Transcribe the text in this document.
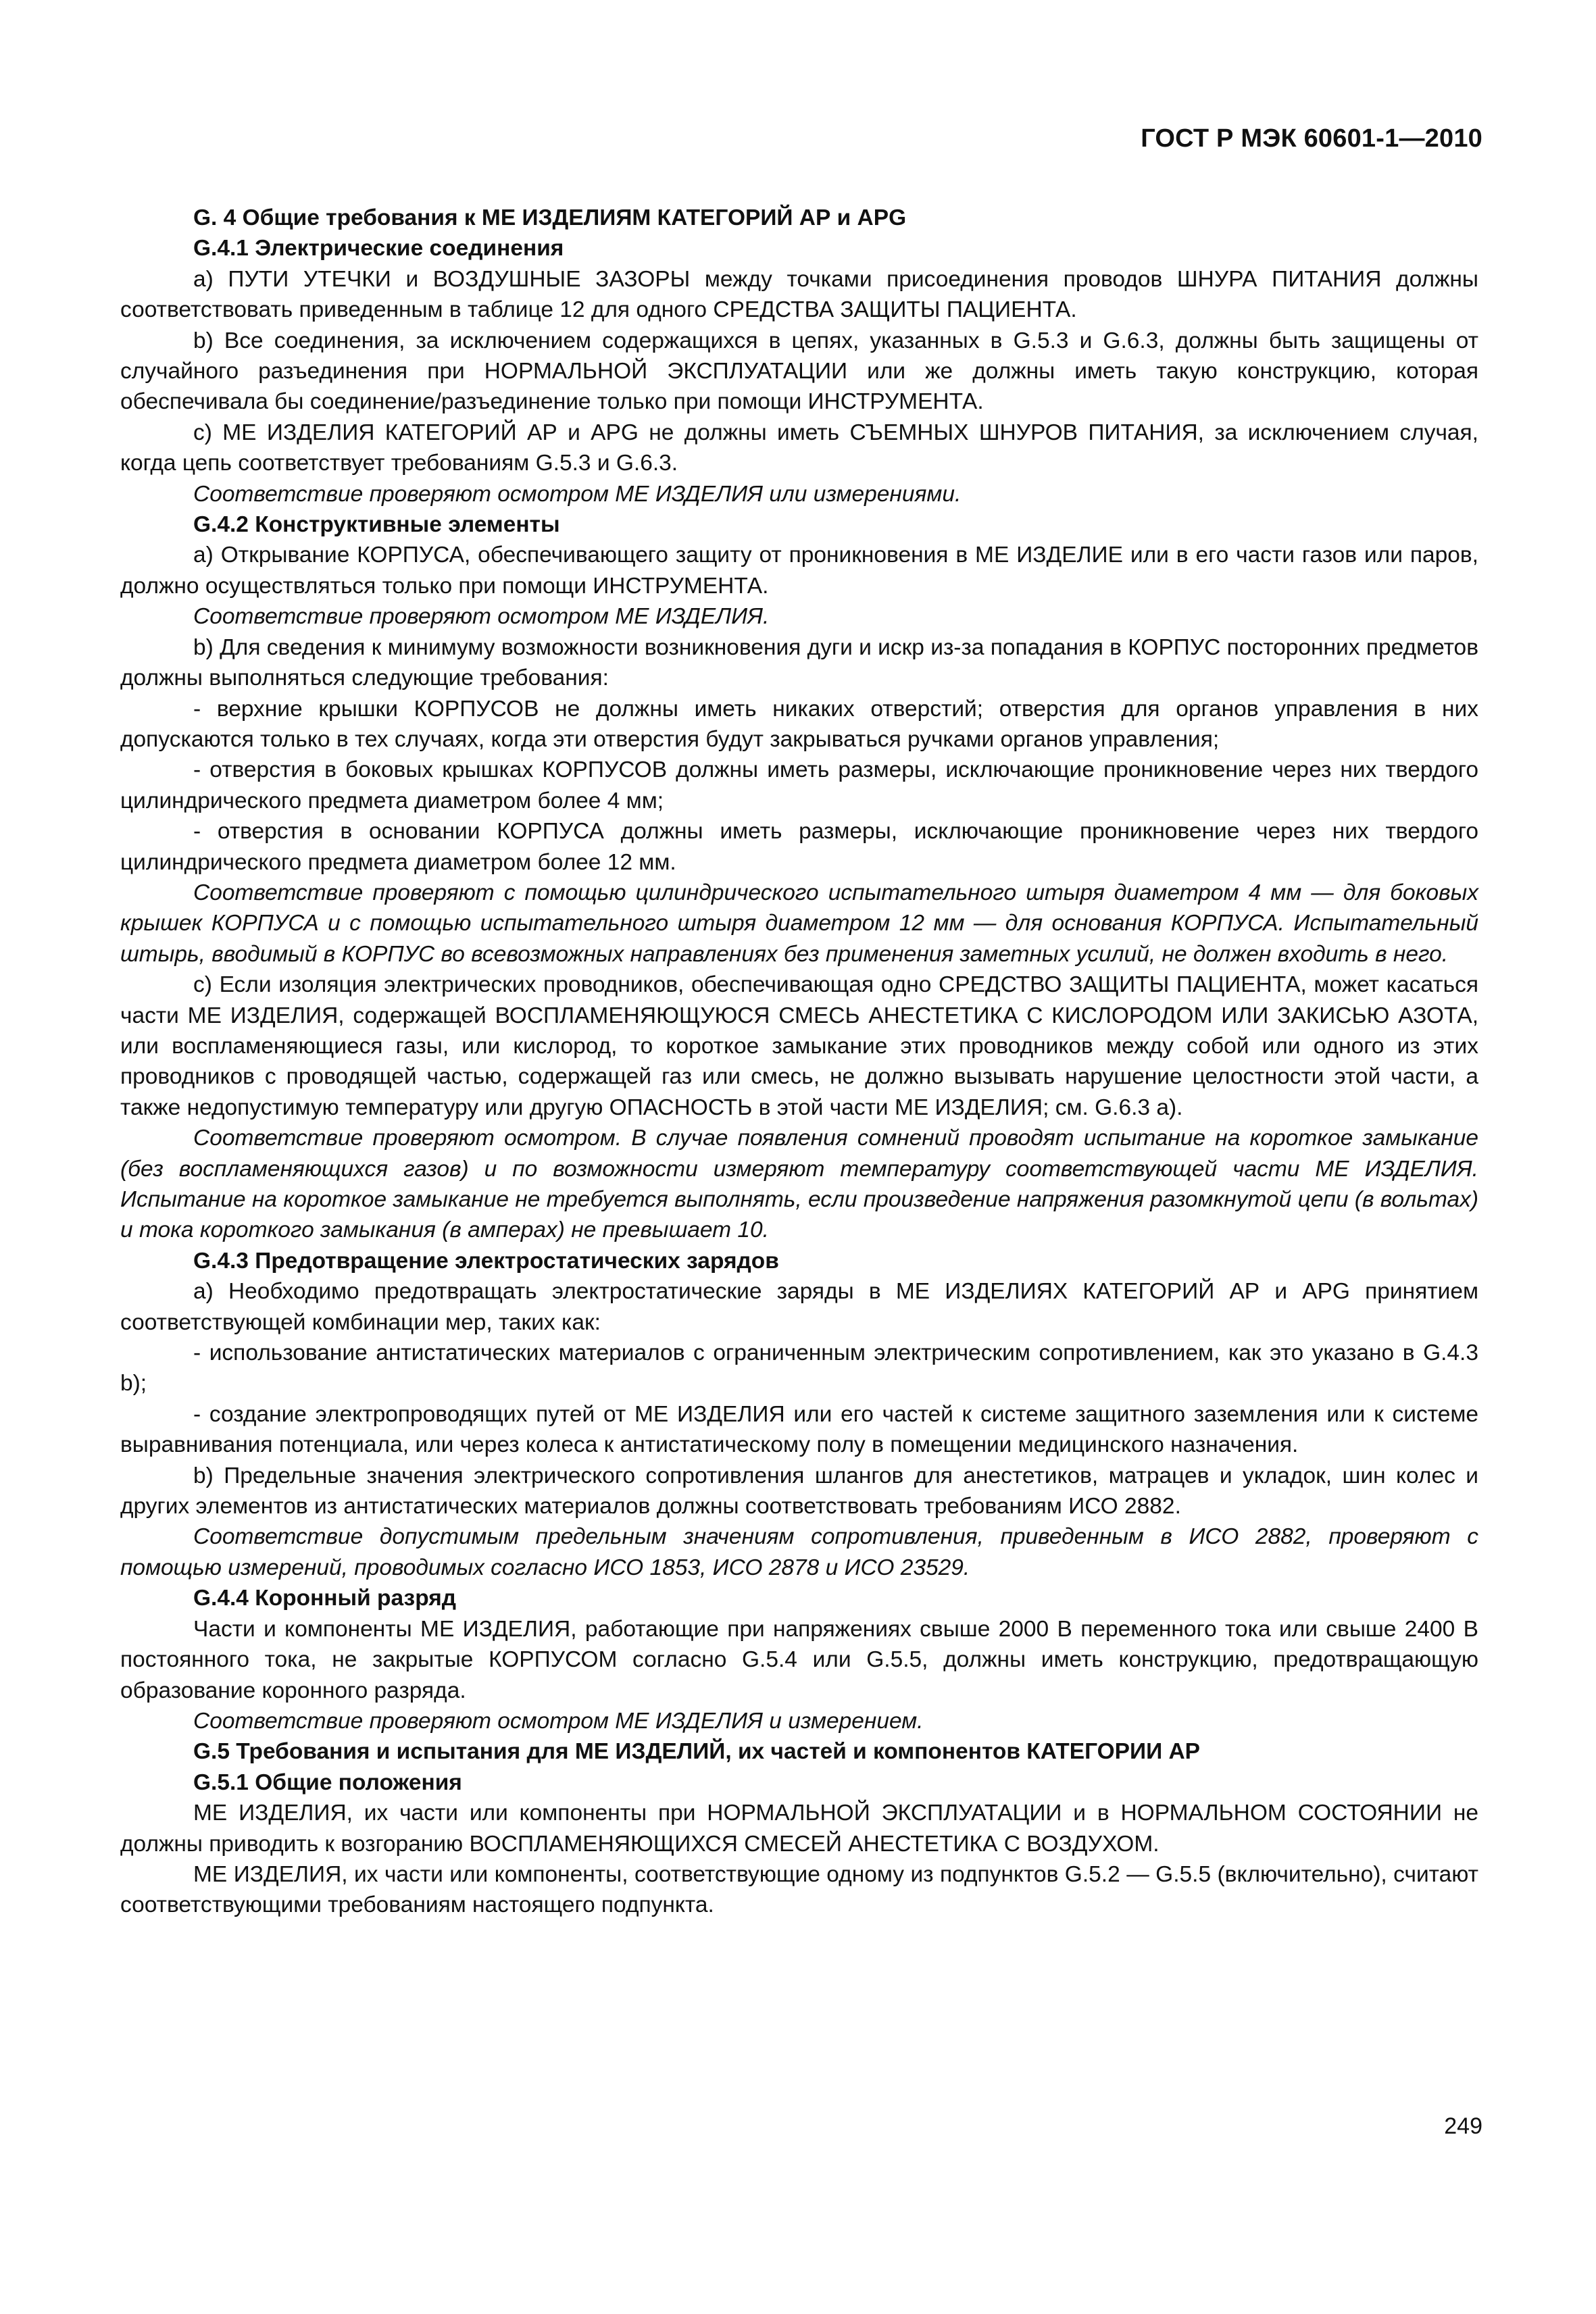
ГОСТ Р МЭК 60601-1—2010

G. 4 Общие требования к МЕ ИЗДЕЛИЯМ КАТЕГОРИЙ АР и APG

G.4.1 Электрические соединения

a) ПУТИ УТЕЧКИ и ВОЗДУШНЫЕ ЗАЗОРЫ между точками присоединения проводов ШНУРА ПИТАНИЯ должны соответствовать приведенным в таблице 12 для одного СРЕДСТВА ЗАЩИТЫ ПАЦИЕНТА.

b) Все соединения, за исключением содержащихся в цепях, указанных в G.5.3 и G.6.3, должны быть защищены от случайного разъединения при НОРМАЛЬНОЙ ЭКСПЛУАТАЦИИ или же должны иметь такую конструкцию, которая обеспечивала бы соединение/разъединение только при помощи ИНСТРУМЕНТА.

c) МЕ ИЗДЕЛИЯ КАТЕГОРИЙ АР и APG не должны иметь СЪЕМНЫХ ШНУРОВ ПИТАНИЯ, за исключением случая, когда цепь соответствует требованиям G.5.3 и G.6.3.

Соответствие проверяют осмотром МЕ ИЗДЕЛИЯ или измерениями.

G.4.2 Конструктивные элементы

a) Открывание КОРПУСА, обеспечивающего защиту от проникновения в МЕ ИЗДЕЛИЕ или в его части газов или паров, должно осуществляться только при помощи ИНСТРУМЕНТА.

Соответствие проверяют осмотром МЕ ИЗДЕЛИЯ.

b) Для сведения к минимуму возможности возникновения дуги и искр из-за попадания в КОРПУС посторонних предметов должны выполняться следующие требования:

- верхние крышки КОРПУСОВ не должны иметь никаких отверстий; отверстия для органов управления в них допускаются только в тех случаях, когда эти отверстия будут закрываться ручками органов управления;

- отверстия в боковых крышках КОРПУСОВ должны иметь размеры, исключающие проникновение через них твердого цилиндрического предмета диаметром более 4 мм;

- отверстия в основании КОРПУСА должны иметь размеры, исключающие проникновение через них твердого цилиндрического предмета диаметром более 12 мм.

Соответствие проверяют с помощью цилиндрического испытательного штыря диаметром 4 мм — для боковых крышек КОРПУСА и с помощью испытательного штыря диаметром 12 мм — для основания КОРПУСА. Испытательный штырь, вводимый в КОРПУС во всевозможных направлениях без применения заметных усилий, не должен входить в него.

c) Если изоляция электрических проводников, обеспечивающая одно СРЕДСТВО ЗАЩИТЫ ПАЦИЕНТА, может касаться части МЕ ИЗДЕЛИЯ, содержащей ВОСПЛАМЕНЯЮЩУЮСЯ СМЕСЬ АНЕСТЕТИКА С КИСЛОРОДОМ ИЛИ ЗАКИСЬЮ АЗОТА, или воспламеняющиеся газы, или кислород, то короткое замыкание этих проводников между собой или одного из этих проводников с проводящей частью, содержащей газ или смесь, не должно вызывать нарушение целостности этой части, а также недопустимую температуру или другую ОПАСНОСТЬ в этой части МЕ ИЗДЕЛИЯ; см. G.6.3 а).

Соответствие проверяют осмотром. В случае появления сомнений проводят испытание на короткое замыкание (без воспламеняющихся газов) и по возможности измеряют температуру соответствующей части МЕ ИЗДЕЛИЯ. Испытание на короткое замыкание не требуется выполнять, если произведение напряжения разомкнутой цепи (в вольтах) и тока короткого замыкания (в амперах) не превышает 10.

G.4.3 Предотвращение электростатических зарядов

a) Необходимо предотвращать электростатические заряды в МЕ ИЗДЕЛИЯХ КАТЕГОРИЙ АР и APG принятием соответствующей комбинации мер, таких как:

- использование антистатических материалов с ограниченным электрическим сопротивлением, как это указано в G.4.3 b);

- создание электропроводящих путей от МЕ ИЗДЕЛИЯ или его частей к системе защитного заземления или к системе выравнивания потенциала, или через колеса к антистатическому полу в помещении медицинского назначения.

b) Предельные значения электрического сопротивления шлангов для анестетиков, матрацев и укладок, шин колес и других элементов из антистатических материалов должны соответствовать требованиям ИСО 2882.

Соответствие допустимым предельным значениям сопротивления, приведенным в ИСО 2882, проверяют с помощью измерений, проводимых согласно ИСО 1853, ИСО 2878 и ИСО 23529.

G.4.4 Коронный разряд

Части и компоненты МЕ ИЗДЕЛИЯ, работающие при напряжениях свыше 2000 В переменного тока или свыше 2400 В постоянного тока, не закрытые КОРПУСОМ согласно G.5.4 или G.5.5, должны иметь конструкцию, предотвращающую образование коронного разряда.

Соответствие проверяют осмотром МЕ ИЗДЕЛИЯ и измерением.

G.5 Требования и испытания для МЕ ИЗДЕЛИЙ, их частей и компонентов КАТЕГОРИИ АР

G.5.1 Общие положения

МЕ ИЗДЕЛИЯ, их части или компоненты при НОРМАЛЬНОЙ ЭКСПЛУАТАЦИИ и в НОРМАЛЬНОМ СОСТОЯНИИ не должны приводить к возгоранию ВОСПЛАМЕНЯЮЩИХСЯ СМЕСЕЙ АНЕСТЕТИКА С ВОЗДУХОМ.

МЕ ИЗДЕЛИЯ, их части или компоненты, соответствующие одному из подпунктов G.5.2 — G.5.5 (включительно), считают соответствующими требованиям настоящего подпункта.

249
